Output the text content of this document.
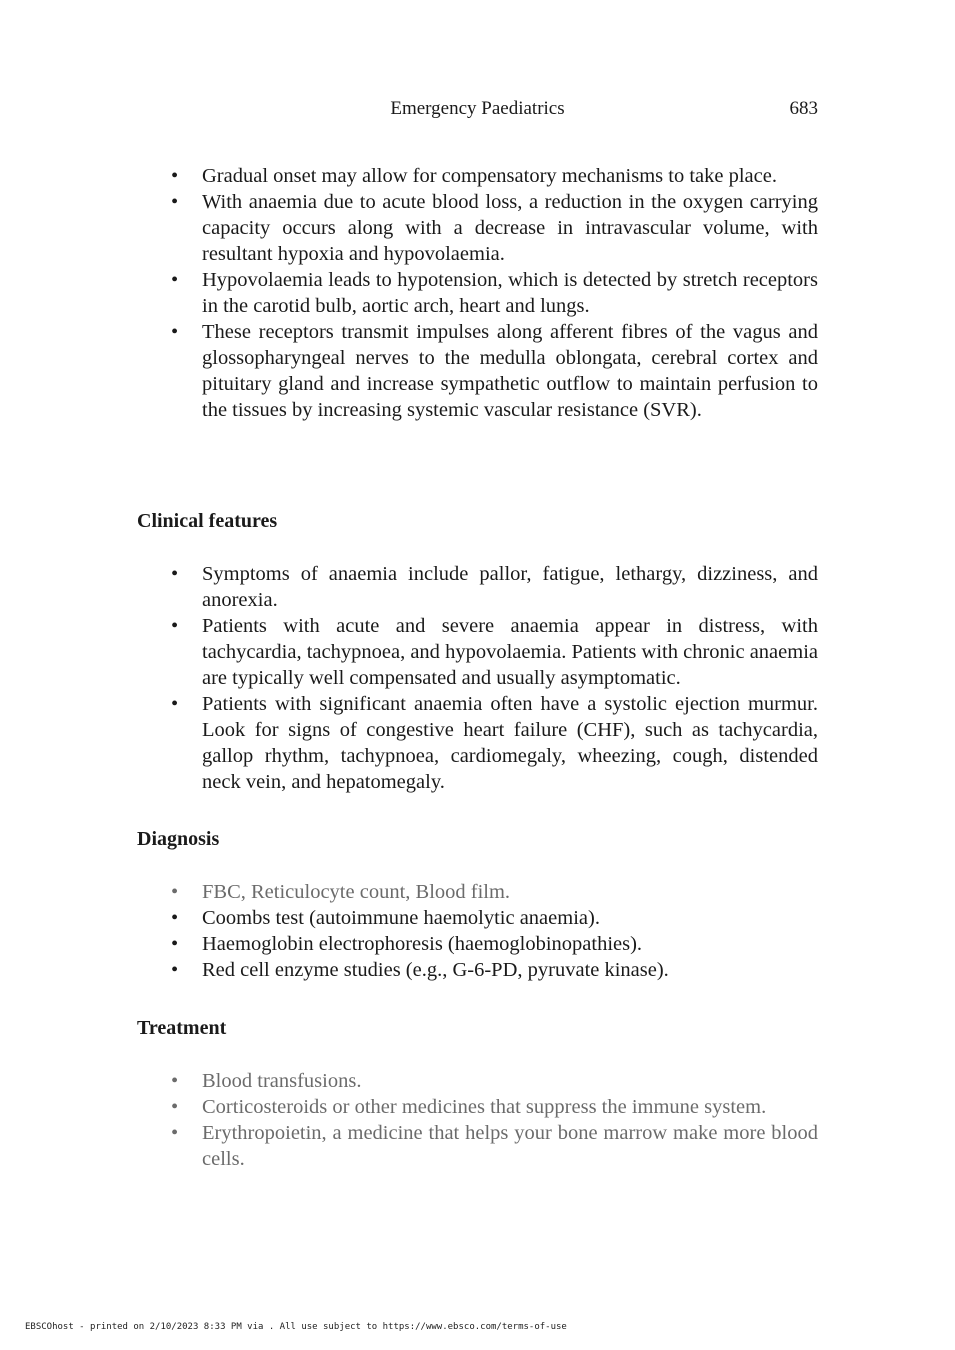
Emergency Paediatrics	683
• Gradual onset may allow for compensatory mechanisms to take place.
• With anaemia due to acute blood loss, a reduction in the oxygen carrying capacity occurs along with a decrease in intravascular volume, with resultant hypoxia and hypovolaemia.
• Hypovolaemia leads to hypotension, which is detected by stretch receptors in the carotid bulb, aortic arch, heart and lungs.
• These receptors transmit impulses along afferent fibres of the vagus and glossopharyngeal nerves to the medulla oblongata, cerebral cortex and pituitary gland and increase sympathetic outflow to maintain perfusion to the tissues by increasing systemic vascular resistance (SVR).
Clinical features
• Symptoms of anaemia include pallor, fatigue, lethargy, dizziness, and anorexia.
• Patients with acute and severe anaemia appear in distress, with tachycardia, tachypnoea, and hypovolaemia. Patients with chronic anaemia are typically well compensated and usually asymptomatic.
• Patients with significant anaemia often have a systolic ejection murmur. Look for signs of congestive heart failure (CHF), such as tachycardia, gallop rhythm, tachypnoea, cardiomegaly, wheezing, cough, distended neck vein, and hepatomegaly.
Diagnosis
• FBC, Reticulocyte count, Blood film.
• Coombs test (autoimmune haemolytic anaemia).
• Haemoglobin electrophoresis (haemoglobinopathies).
• Red cell enzyme studies (e.g., G-6-PD, pyruvate kinase).
Treatment
• Blood transfusions.
• Corticosteroids or other medicines that suppress the immune system.
• Erythropoietin, a medicine that helps your bone marrow make more blood cells.
EBSCOhost - printed on 2/10/2023 8:33 PM via . All use subject to https://www.ebsco.com/terms-of-use
